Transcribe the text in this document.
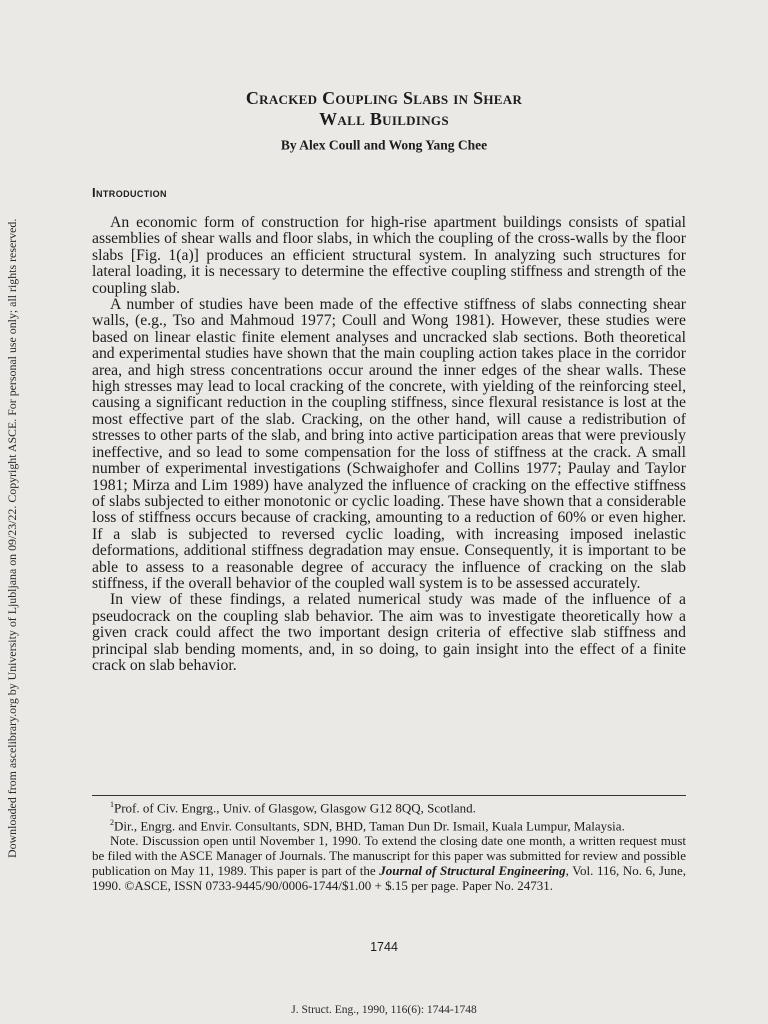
Downloaded from ascelibrary.org by University of Ljubljana on 09/23/22. Copyright ASCE. For personal use only; all rights reserved.
Cracked Coupling Slabs in Shear
Wall Buildings
By Alex Coull and Wong Yang Chee
Introduction

An economic form of construction for high-rise apartment buildings consists of spatial assemblies of shear walls and floor slabs, in which the coupling of the cross-walls by the floor slabs [Fig. 1(a)] produces an efficient structural system. In analyzing such structures for lateral loading, it is necessary to determine the effective coupling stiffness and strength of the coupling slab.

A number of studies have been made of the effective stiffness of slabs connecting shear walls, (e.g., Tso and Mahmoud 1977; Coull and Wong 1981). However, these studies were based on linear elastic finite element analyses and uncracked slab sections. Both theoretical and experimental studies have shown that the main coupling action takes place in the corridor area, and high stress concentrations occur around the inner edges of the shear walls. These high stresses may lead to local cracking of the concrete, with yielding of the reinforcing steel, causing a significant reduction in the coupling stiffness, since flexural resistance is lost at the most effective part of the slab. Cracking, on the other hand, will cause a redistribution of stresses to other parts of the slab, and bring into active participation areas that were previously ineffective, and so lead to some compensation for the loss of stiffness at the crack. A small number of experimental investigations (Schwaighofer and Collins 1977; Paulay and Taylor 1981; Mirza and Lim 1989) have analyzed the influence of cracking on the effective stiffness of slabs subjected to either monotonic or cyclic loading. These have shown that a considerable loss of stiffness occurs because of cracking, amounting to a reduction of 60% or even higher. If a slab is subjected to reversed cyclic loading, with increasing imposed inelastic deformations, additional stiffness degradation may ensue. Consequently, it is important to be able to assess to a reasonable degree of accuracy the influence of cracking on the slab stiffness, if the overall behavior of the coupled wall system is to be assessed accurately.

In view of these findings, a related numerical study was made of the influence of a pseudocrack on the coupling slab behavior. The aim was to investigate theoretically how a given crack could affect the two important design criteria of effective slab stiffness and principal slab bending moments, and, in so doing, to gain insight into the effect of a finite crack on slab behavior.

$^1$Prof. of Civ. Engrg., Univ. of Glasgow, Glasgow G12 8QQ, Scotland.

$^2$Dir., Engrg. and Envir. Consultants, SDN, BHD, Taman Dun Dr. Ismail, Kuala Lumpur, Malaysia.

Note. Discussion open until November 1, 1990. To extend the closing date one month, a written request must be filed with the ASCE Manager of Journals. The manuscript for this paper was submitted for review and possible publication on May 11, 1989. This paper is part of the Journal of Structural Engineering, Vol. 116, No. 6, June, 1990. ©ASCE, ISSN 0733-9445/90/0006-1744/$1.00 + $.15 per page. Paper No. 24731.

1744
J. Struct. Eng., 1990, 116(6): 1744-1748
